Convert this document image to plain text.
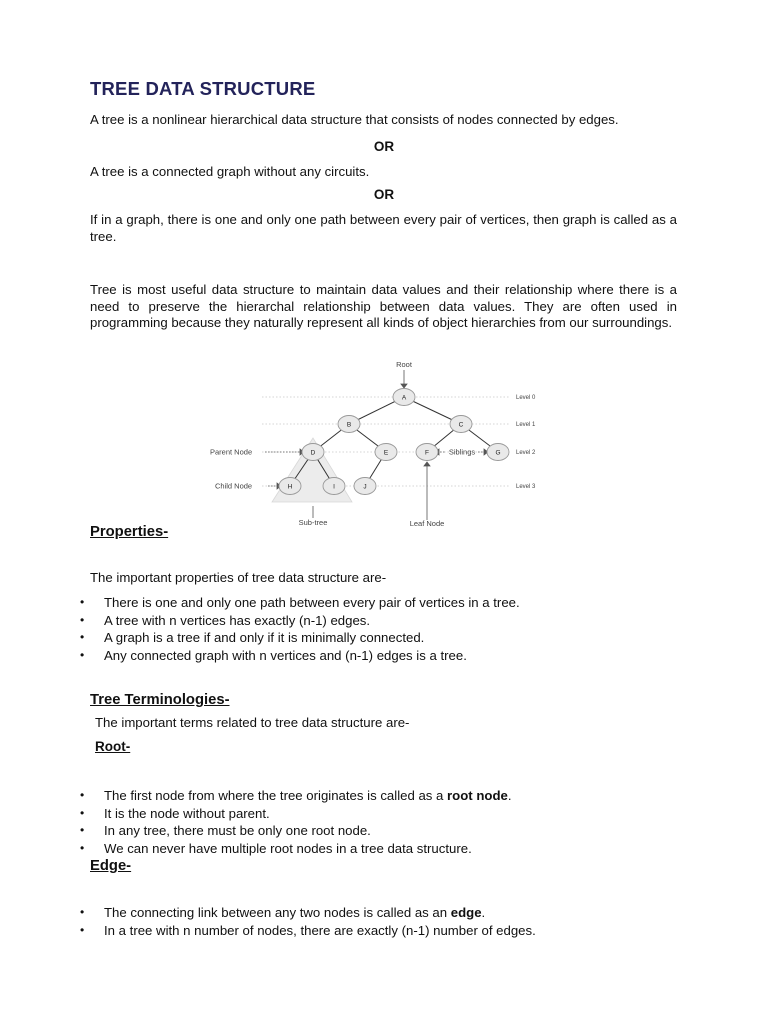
TREE DATA STRUCTURE
A tree is a nonlinear hierarchical data structure that consists of nodes connected by edges.
OR
A tree is a connected graph without any circuits.
OR
If in a graph, there is one and only one path between every pair of vertices, then graph is called as a tree.
Tree is most useful data structure to maintain data values and their relationship where there is a need to preserve the hierarchal relationship between data values. They are often used in programming because they naturally represent all kinds of object hierarchies from our surroundings.
A
B	C
D	E	F	G
H	I	J
Root
Parent Node
Child Node
Siblings
Sub-tree	Leaf Node
Level 0
Level 1
Level 2
Level 3
Properties-
The important properties of tree data structure are-
• There is one and only one path between every pair of vertices in a tree.
• A tree with n vertices has exactly (n-1) edges.
• A graph is a tree if and only if it is minimally connected.
• Any connected graph with n vertices and (n-1) edges is a tree.
Tree Terminologies-
The important terms related to tree data structure are-
Root-
• The first node from where the tree originates is called as a root node.
• It is the node without parent.
• In any tree, there must be only one root node.
• We can never have multiple root nodes in a tree data structure.
Edge-
• The connecting link between any two nodes is called as an edge.
• In a tree with n number of nodes, there are exactly (n-1) number of edges.
